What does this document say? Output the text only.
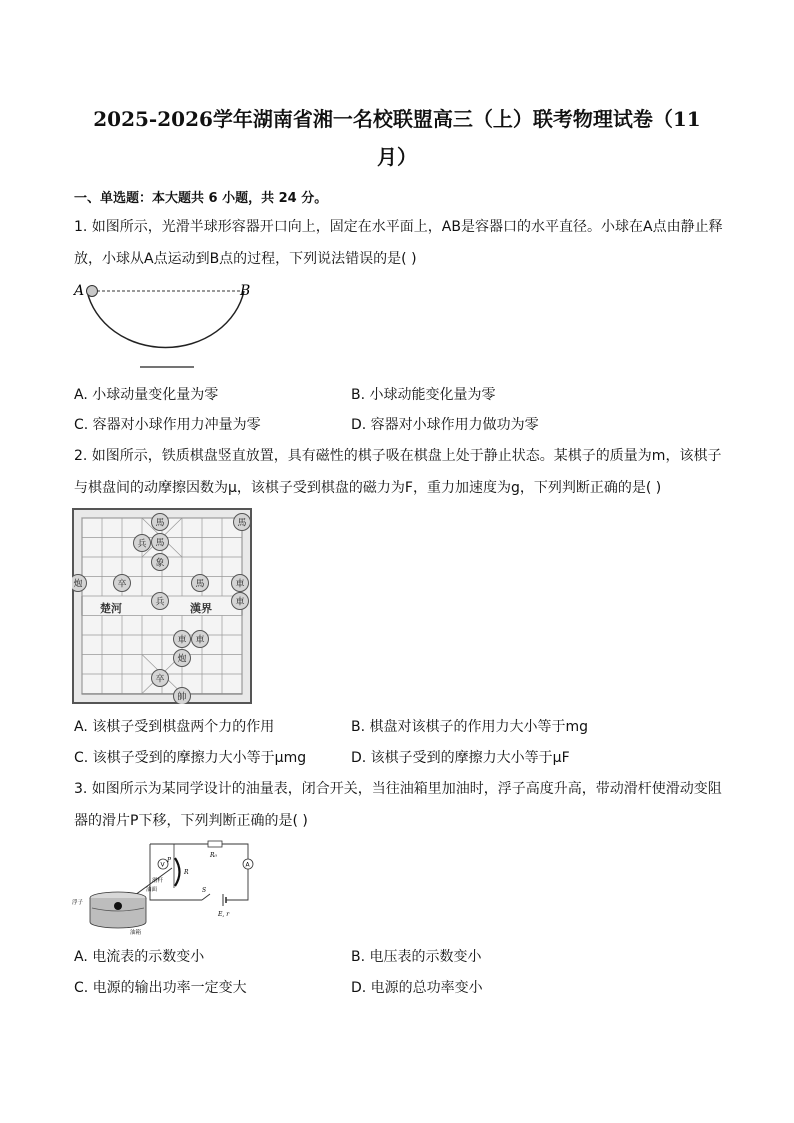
2025-2026学年湖南省湘一名校联盟高三（上）联考物理试卷（11
月）
一、单选题：本大题共 6 小题，共 24 分。
1. 如图所示，光滑半球形容器开口向上，固定在水平面上，AB是容器口的水平直径。小球在A点由静止释
放，小球从A点运动到B点的过程，下列说法错误的是( )
A	B
A. 小球动量变化量为零	B. 小球动能变化量为零
C. 容器对小球作用力冲量为零	D. 容器对小球作用力做功为零
2. 如图所示，铁质棋盘竖直放置，具有磁性的棋子吸在棋盘上处于静止状态。某棋子的质量为m，该棋子
与棋盘间的动摩擦因数为μ，该棋子受到棋盘的磁力为F，重力加速度为g，下列判断正确的是( )
楚河	漢界
馬
兵 馬
象
炮	卒	馬
兵
車
車
馬
車
炮
車
卒
帥
A. 该棋子受到棋盘两个力的作用	B. 棋盘对该棋子的作用力大小等于mg
C. 该棋子受到的摩擦力大小等于μmg	D. 该棋子受到的摩擦力大小等于μF
3. 如图所示为某同学设计的油量表，闭合开关，当往油箱里加油时，浮子高度升高，带动滑杆使滑动变阻
器的滑片P下移，下列判断正确的是( )
R₀
V	A
P
R
滑杆
油面	S
E, r
浮子
油箱
A. 电流表的示数变小	B. 电压表的示数变小
C. 电源的输出功率一定变大	D. 电源的总功率变小
